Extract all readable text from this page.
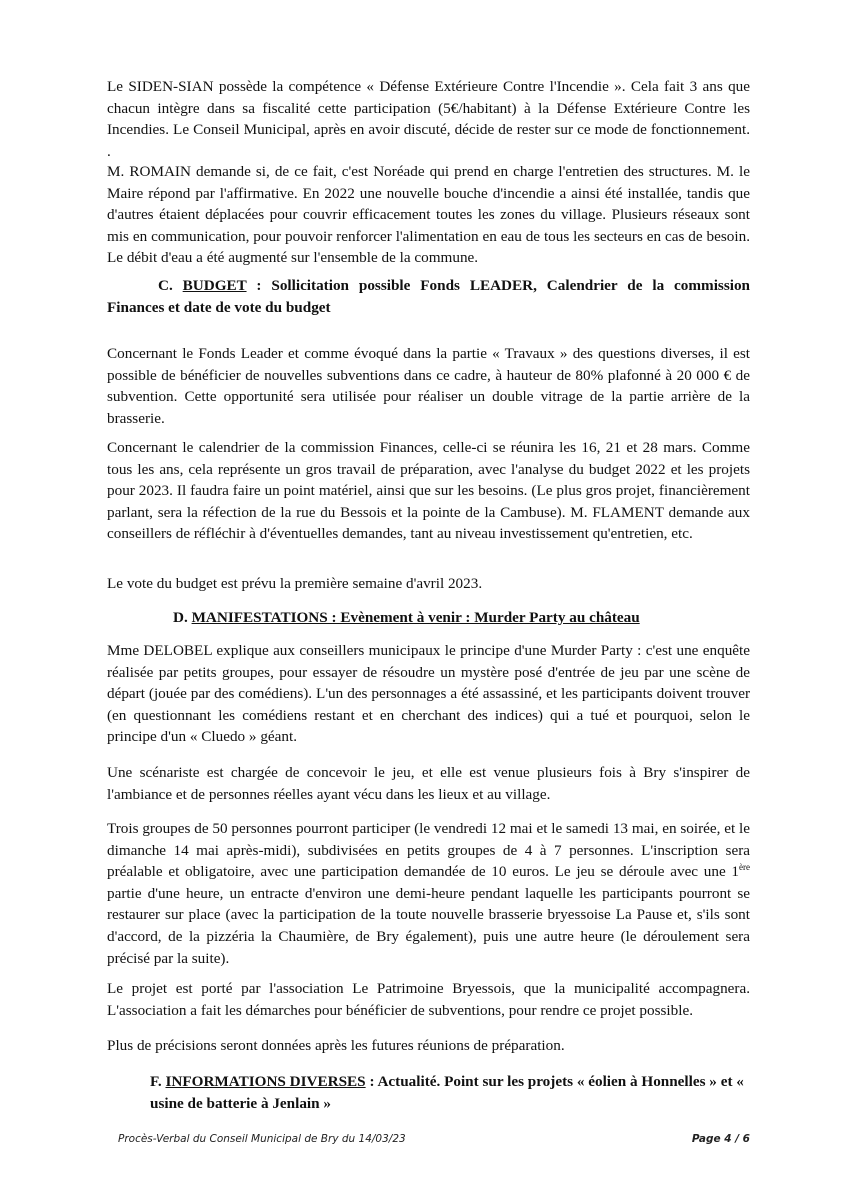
Le SIDEN-SIAN possède la compétence « Défense Extérieure Contre l'Incendie ». Cela fait 3 ans que chacun intègre dans sa fiscalité cette participation (5€/habitant) à la Défense Extérieure Contre les Incendies. Le Conseil Municipal, après en avoir discuté, décide de rester sur ce mode de fonctionnement. .

M. ROMAIN demande si, de ce fait, c'est Noréade qui prend en charge l'entretien des structures. M. le Maire répond par l'affirmative. En 2022 une nouvelle bouche d'incendie a ainsi été installée, tandis que d'autres étaient déplacées pour couvrir efficacement toutes les zones du village. Plusieurs réseaux sont mis en communication, pour pouvoir renforcer l'alimentation en eau de tous les secteurs en cas de besoin. Le débit d'eau a été augmenté sur l'ensemble de la commune.

C. BUDGET : Sollicitation possible Fonds LEADER, Calendrier de la commission Finances et date de vote du budget

Concernant le Fonds Leader et comme évoqué dans la partie « Travaux » des questions diverses, il est possible de bénéficier de nouvelles subventions dans ce cadre, à hauteur de 80% plafonné à 20 000 € de subvention. Cette opportunité sera utilisée pour réaliser un double vitrage de la partie arrière de la brasserie.

Concernant le calendrier de la commission Finances, celle-ci se réunira les 16, 21 et 28 mars. Comme tous les ans, cela représente un gros travail de préparation, avec l'analyse du budget 2022 et les projets pour 2023. Il faudra faire un point matériel, ainsi que sur les besoins. (Le plus gros projet, financièrement parlant, sera la réfection de la rue du Bessois et la pointe de la Cambuse). M. FLAMENT demande aux conseillers de réfléchir à d'éventuelles demandes, tant au niveau investissement qu'entretien, etc.

Le vote du budget est prévu la première semaine d'avril 2023.

D. MANIFESTATIONS : Evènement à venir : Murder Party au château

Mme DELOBEL explique aux conseillers municipaux le principe d'une Murder Party : c'est une enquête réalisée par petits groupes, pour essayer de résoudre un mystère posé d'entrée de jeu par une scène de départ (jouée par des comédiens). L'un des personnages a été assassiné, et les participants doivent trouver (en questionnant les comédiens restant et en cherchant des indices) qui a tué et pourquoi, selon le principe d'un « Cluedo » géant.

Une scénariste est chargée de concevoir le jeu, et elle est venue plusieurs fois à Bry s'inspirer de l'ambiance et de personnes réelles ayant vécu dans les lieux et au village.

Trois groupes de 50 personnes pourront participer (le vendredi 12 mai et le samedi 13 mai, en soirée, et le dimanche 14 mai après-midi), subdivisées en petits groupes de 4 à 7 personnes. L'inscription sera préalable et obligatoire, avec une participation demandée de 10 euros. Le jeu se déroule avec une 1ère partie d'une heure, un entracte d'environ une demi-heure pendant laquelle les participants pourront se restaurer sur place (avec la participation de la toute nouvelle brasserie bryessoise La Pause et, s'ils sont d'accord, de la pizzéria la Chaumière, de Bry également), puis une autre heure (le déroulement sera précisé par la suite).

Le projet est porté par l'association Le Patrimoine Bryessois, que la municipalité accompagnera. L'association a fait les démarches pour bénéficier de subventions, pour rendre ce projet possible.

Plus de précisions seront données après les futures réunions de préparation.

F. INFORMATIONS DIVERSES : Actualité. Point sur les projets « éolien à Honnelles » et « usine de batterie à Jenlain »

Procès-Verbal du Conseil Municipal de Bry du 14/03/23	Page 4 / 6
